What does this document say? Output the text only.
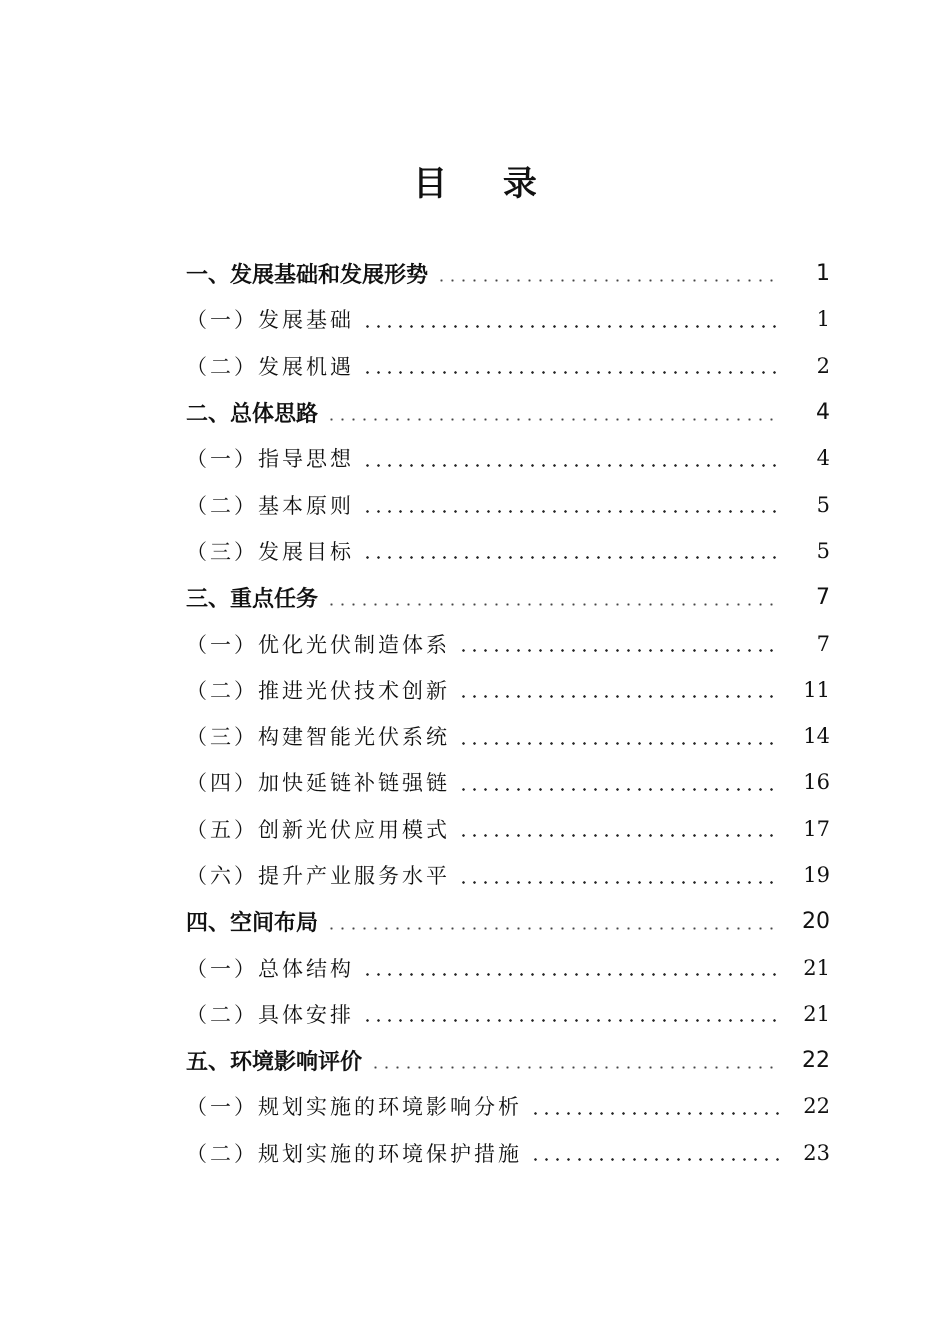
目 录
一、发展基础和发展形势	1
（一）发展基础	1
（二）发展机遇	2
二、总体思路	4
（一）指导思想	4
（二）基本原则	5
（三）发展目标	5
三、重点任务	7
（一）优化光伏制造体系	7
（二）推进光伏技术创新	11
（三）构建智能光伏系统	14
（四）加快延链补链强链	16
（五）创新光伏应用模式	17
（六）提升产业服务水平	19
四、空间布局	20
（一）总体结构	21
（二）具体安排	21
五、环境影响评价	22
（一）规划实施的环境影响分析	22
（二）规划实施的环境保护措施	23
